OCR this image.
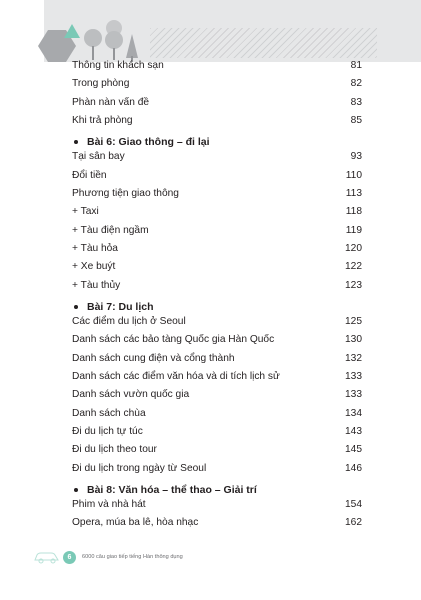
Thông tin khách sạn	81
Trong phòng	82
Phàn nàn vấn đề	83
Khi trả phòng	85
Bài 6: Giao thông – đi lại
Tại sân bay	93
Đổi tiền	110
Phương tiện giao thông	113
+ Taxi	118
+ Tàu điện ngầm	119
+ Tàu hỏa	120
+ Xe buýt	122
+ Tàu thủy	123
Bài 7: Du lịch
Các điểm du lịch ở Seoul	125
Danh sách các bảo tàng Quốc gia Hàn Quốc	130
Danh sách cung điện và cổng thành	132
Danh sách các điểm văn hóa và di tích lịch sử	133
Danh sách vườn quốc gia	133
Danh sách chùa	134
Đi du lịch tự túc	143
Đi du lịch theo tour	145
Đi du lịch trong ngày từ Seoul	146
Bài 8: Văn hóa – thể thao – Giải trí
Phim và nhà hát	154
Opera, múa ba lê, hòa nhạc	162
6	6000 câu giao tiếp tiếng Hàn thông dụng
